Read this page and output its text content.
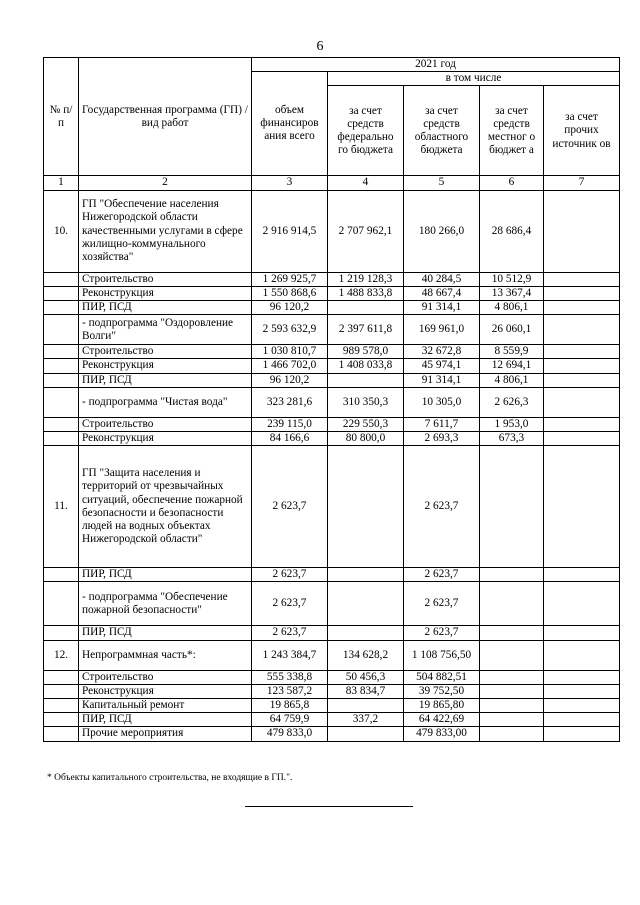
6
№ п/п	Государственная программа (ГП) / вид работ	2021 год				
		объем финансиров ания всего	в том числе			
			за счет средств федерально го бюджета	за счет средств областного бюджета	за счет средств местног о бюджет а	за счет прочих источник ов
1	2	3	4	5	6	7
10.	ГП "Обеспечение населения Нижегородской области качественными услугами в сфере жилищно-коммунального хозяйства"	2 916 914,5	2 707 962,1	180 266,0	28 686,4	
	Строительство	1 269 925,7	1 219 128,3	40 284,5	10 512,9	
	Реконструкция	1 550 868,6	1 488 833,8	48 667,4	13 367,4	
	ПИР, ПСД	96 120,2		91 314,1	4 806,1	
	- подпрограмма "Оздоровление Волги"	2 593 632,9	2 397 611,8	169 961,0	26 060,1	
	Строительство	1 030 810,7	989 578,0	32 672,8	8 559,9	
	Реконструкция	1 466 702,0	1 408 033,8	45 974,1	12 694,1	
	ПИР, ПСД	96 120,2		91 314,1	4 806,1	
	- подпрограмма "Чистая вода"	323 281,6	310 350,3	10 305,0	2 626,3	
	Строительство	239 115,0	229 550,3	7 611,7	1 953,0	
	Реконструкция	84 166,6	80 800,0	2 693,3	673,3	
11.	ГП "Защита населения и территорий от чрезвычайных ситуаций, обеспечение пожарной безопасности и безопасности людей на водных объектах Нижегородской области"	2 623,7		2 623,7		
	ПИР, ПСД	2 623,7		2 623,7		
	- подпрограмма "Обеспечение пожарной безопасности"	2 623,7		2 623,7		
	ПИР, ПСД	2 623,7		2 623,7		
12.	Непрограммная часть*:	1 243 384,7	134 628,2	1 108 756,50		
	Строительство	555 338,8	50 456,3	504 882,51		
	Реконструкция	123 587,2	83 834,7	39 752,50		
	Капитальный ремонт	19 865,8		19 865,80		
	ПИР, ПСД	64 759,9	337,2	64 422,69		
	Прочие мероприятия	479 833,0		479 833,00		
* Объекты капитального строительства, не входящие в ГП.".
